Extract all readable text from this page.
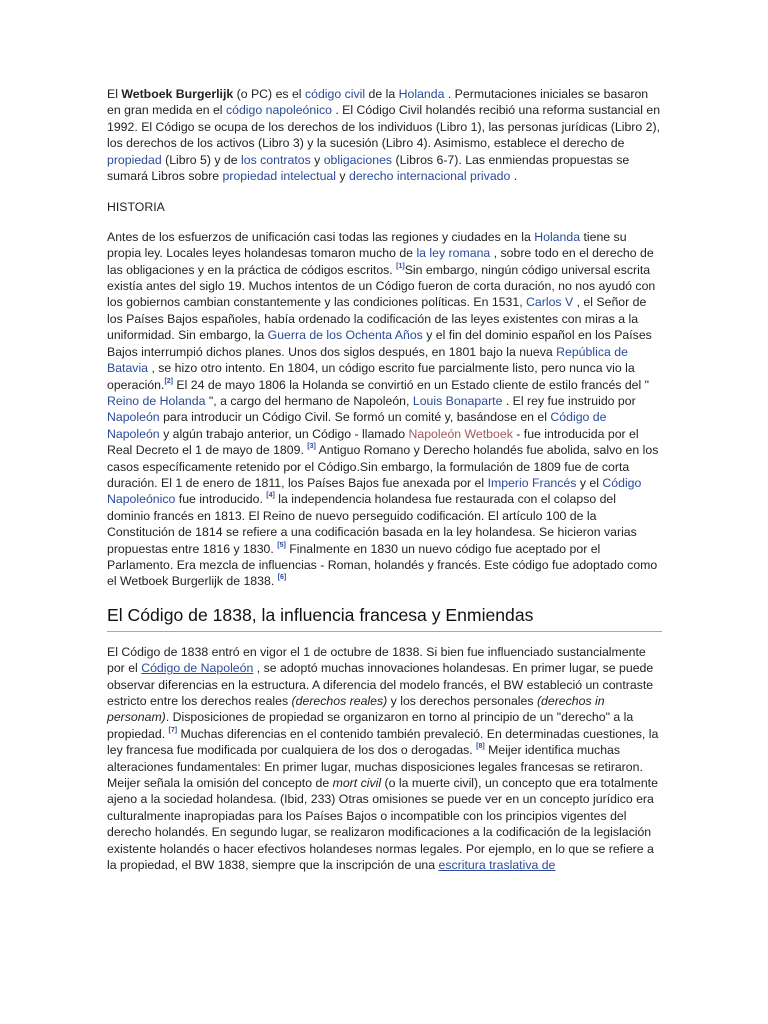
El Wetboek Burgerlijk (o PC) es el código civil de la Holanda . Permutaciones iniciales se basaron en gran medida en el código napoleónico . El Código Civil holandés recibió una reforma sustancial en 1992. El Código se ocupa de los derechos de los individuos (Libro 1), las personas jurídicas (Libro 2), los derechos de los activos (Libro 3) y la sucesión (Libro 4). Asimismo, establece el derecho de propiedad (Libro 5) y de los contratos y obligaciones (Libros 6-7). Las enmiendas propuestas se sumará Libros sobre propiedad intelectual y derecho internacional privado .

HISTORIA

Antes de los esfuerzos de unificación casi todas las regiones y ciudades en la Holanda tiene su propia ley. Locales leyes holandesas tomaron mucho de la ley romana , sobre todo en el derecho de las obligaciones y en la práctica de códigos escritos. [1]Sin embargo, ningún código universal escrita existía antes del siglo 19. Muchos intentos de un Código fueron de corta duración, no nos ayudó con los gobiernos cambian constantemente y las condiciones políticas. En 1531, Carlos V , el Señor de los Países Bajos españoles, había ordenado la codificación de las leyes existentes con miras a la uniformidad. Sin embargo, la Guerra de los Ochenta Años y el fin del dominio español en los Países Bajos interrumpió dichos planes. Unos dos siglos después, en 1801 bajo la nueva República de Batavia , se hizo otro intento. En 1804, un código escrito fue parcialmente listo, pero nunca vio la operación.[2] El 24 de mayo 1806 la Holanda se convirtió en un Estado cliente de estilo francés del " Reino de Holanda ", a cargo del hermano de Napoleón, Louis Bonaparte . El rey fue instruido por Napoleón para introducir un Código Civil. Se formó un comité y, basándose en el Código de Napoleón y algún trabajo anterior, un Código - llamado Napoleón Wetboek - fue introducida por el Real Decreto el 1 de mayo de 1809. [3] Antiguo Romano y Derecho holandés fue abolida, salvo en los casos específicamente retenido por el Código.Sin embargo, la formulación de 1809 fue de corta duración. El 1 de enero de 1811, los Países Bajos fue anexada por el Imperio Francés y el Código Napoleónico fue introducido. [4] la independencia holandesa fue restaurada con el colapso del dominio francés en 1813. El Reino de nuevo perseguido codificación. El artículo 100 de la Constitución de 1814 se refiere a una codificación basada en la ley holandesa. Se hicieron varias propuestas entre 1816 y 1830. [5] Finalmente en 1830 un nuevo código fue aceptado por el Parlamento. Era mezcla de influencias - Roman, holandés y francés. Este código fue adoptado como el Wetboek Burgerlijk de 1838. [6]

El Código de 1838, la influencia francesa y Enmiendas

El Código de 1838 entró en vigor el 1 de octubre de 1838. Si bien fue influenciado sustancialmente por el Código de Napoleón , se adoptó muchas innovaciones holandesas. En primer lugar, se puede observar diferencias en la estructura. A diferencia del modelo francés, el BW estableció un contraste estricto entre los derechos reales (derechos reales) y los derechos personales (derechos in personam). Disposiciones de propiedad se organizaron en torno al principio de un "derecho" a la propiedad. [7] Muchas diferencias en el contenido también prevaleció. En determinadas cuestiones, la ley francesa fue modificada por cualquiera de los dos o derogadas. [8] Meijer identifica muchas alteraciones fundamentales: En primer lugar, muchas disposiciones legales francesas se retiraron. Meijer señala la omisión del concepto de mort civil (o la muerte civil), un concepto que era totalmente ajeno a la sociedad holandesa. (Ibid, 233) Otras omisiones se puede ver en un concepto jurídico era culturalmente inapropiadas para los Países Bajos o incompatible con los principios vigentes del derecho holandés. En segundo lugar, se realizaron modificaciones a la codificación de la legislación existente holandés o hacer efectivos holandeses normas legales. Por ejemplo, en lo que se refiere a la propiedad, el BW 1838, siempre que la inscripción de una escritura traslativa de
